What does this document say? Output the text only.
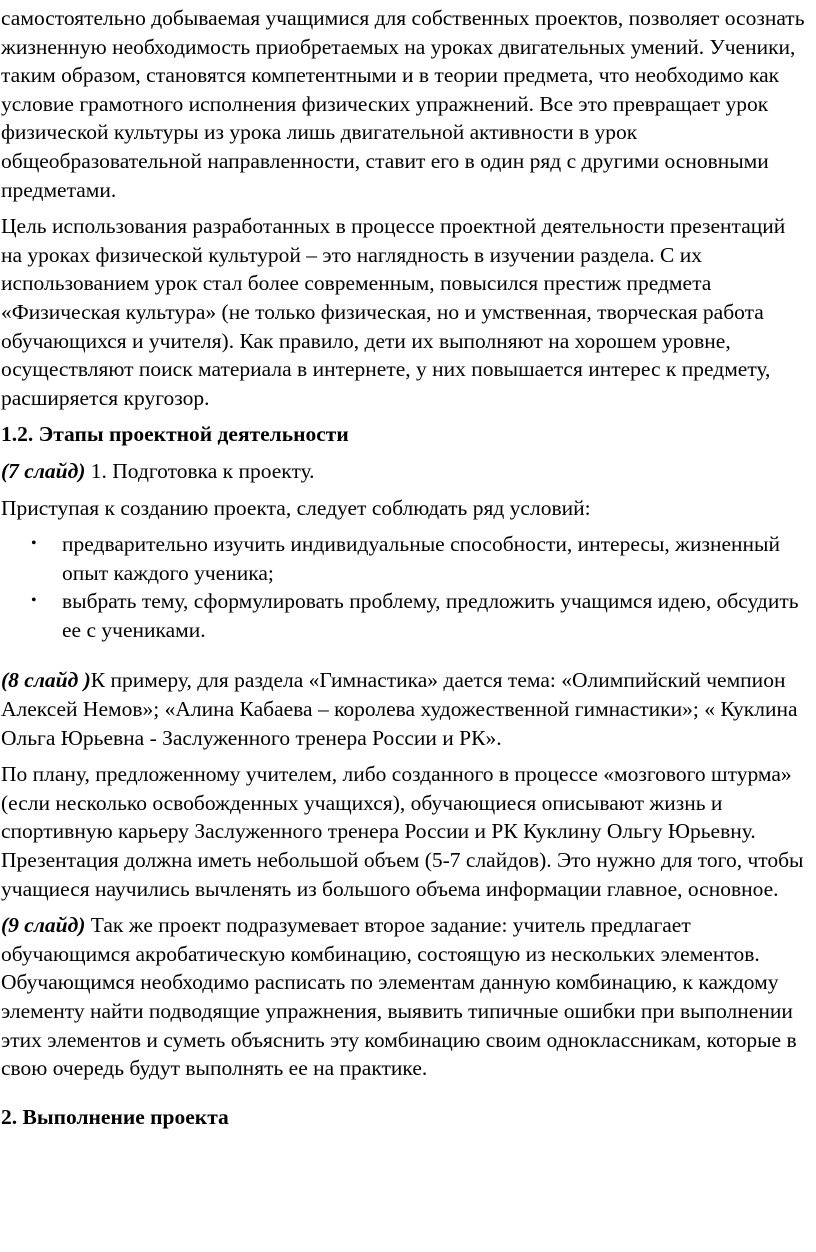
самостоятельно добываемая учащимися для собственных проектов, позволяет осознать жизненную необходимость приобретаемых на уроках двигательных умений. Ученики, таким образом, становятся компетентными и в теории предмета, что необходимо как условие грамотного исполнения физических упражнений. Все это превращает урок физической культуры из урока лишь двигательной активности в урок общеобразовательной направленности, ставит его в один ряд с другими основными предметами.

Цель использования разработанных в процессе проектной деятельности презентаций на уроках физической культурой – это наглядность в изучении раздела. С их использованием урок стал более современным, повысился престиж предмета «Физическая культура» (не только физическая, но и умственная, творческая работа обучающихся и учителя). Как правило, дети их выполняют на хорошем уровне, осуществляют поиск материала в интернете, у них повышается интерес к предмету, расширяется кругозор.

1.2. Этапы проектной деятельности

(7 слайд) 1. Подготовка к проекту.

Приступая к созданию проекта, следует соблюдать ряд условий:

• предварительно изучить индивидуальные способности, интересы, жизненный опыт каждого ученика;
• выбрать тему, сформулировать проблему, предложить учащимся идею, обсудить ее с учениками.

(8 слайд )К примеру, для раздела «Гимнастика» дается тема: «Олимпийский чемпион Алексей Немов»; «Алина Кабаева – королева художественной гимнастики»; « Куклина Ольга Юрьевна - Заслуженного тренера России и РК».

По плану, предложенному учителем, либо созданного в процессе «мозгового штурма» (если несколько освобожденных учащихся), обучающиеся описывают жизнь и спортивную карьеру Заслуженного тренера России и РК Куклину Ольгу Юрьевну. Презентация должна иметь небольшой объем (5-7 слайдов). Это нужно для того, чтобы учащиеся научились вычленять из большого объема информации главное, основное.

(9 слайд) Так же проект подразумевает второе задание: учитель предлагает обучающимся акробатическую комбинацию, состоящую из нескольких элементов. Обучающимся необходимо расписать по элементам данную комбинацию, к каждому элементу найти подводящие упражнения, выявить типичные ошибки при выполнении этих элементов и суметь объяснить эту комбинацию своим одноклассникам, которые в свою очередь будут выполнять ее на практике.

2. Выполнение проекта
